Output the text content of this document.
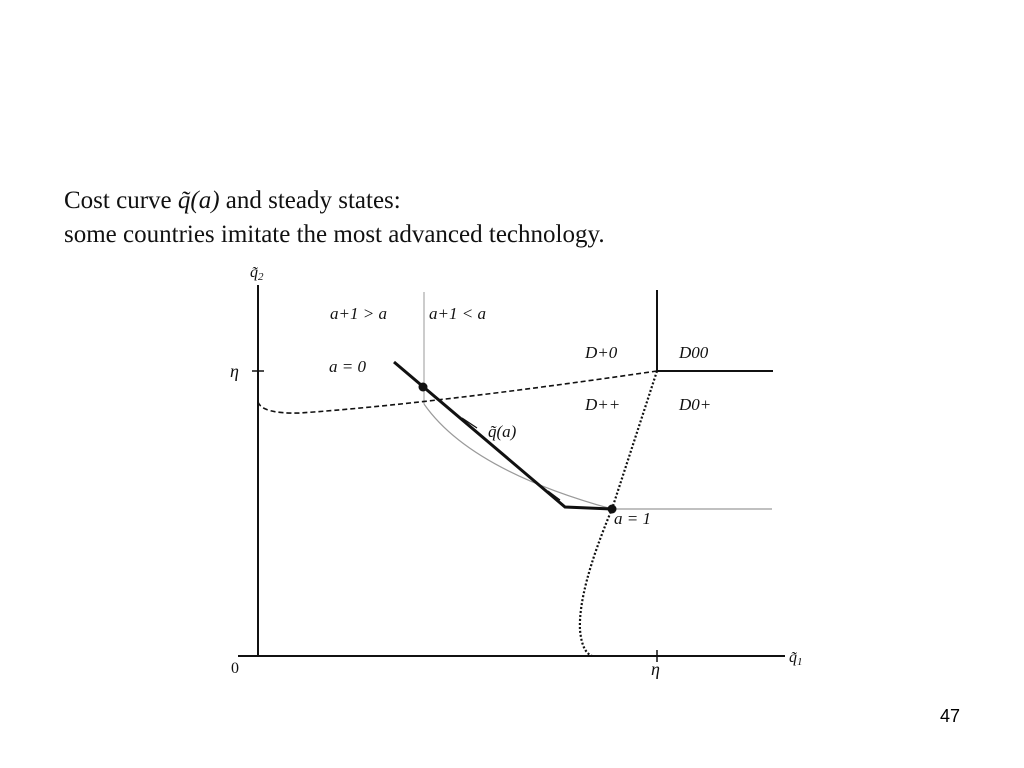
Cost curve q̃(a) and steady states:
some countries imitate the most advanced technology.
q̃2
q̃1
0	η
η
a+1 > a a+1 < a
a = 0
a = 1
q̃(a)
D+0	D00
D++	D0+
47
